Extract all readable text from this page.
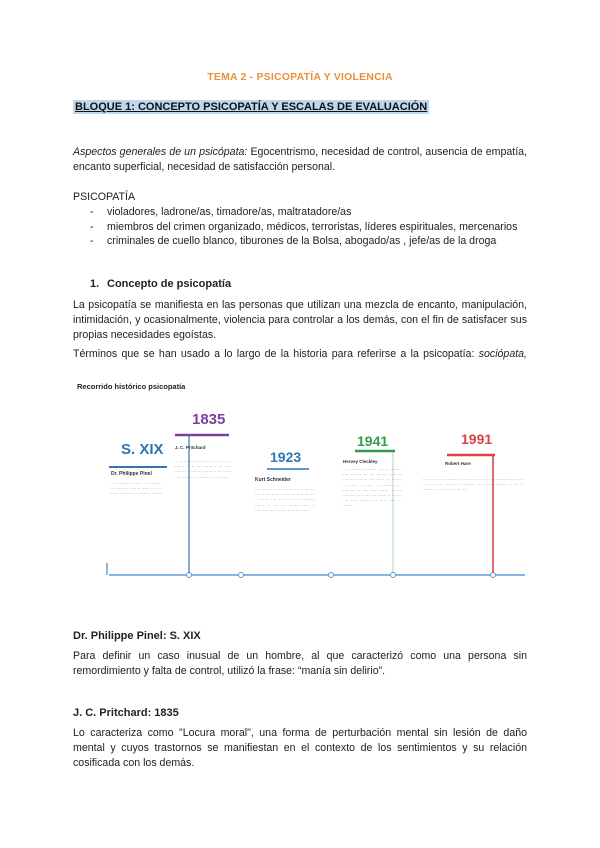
TEMA 2 - PSICOPATÍA Y VIOLENCIA
BLOQUE 1: CONCEPTO PSICOPATÍA Y ESCALAS DE EVALUACIÓN
Aspectos generales de un psicópata: Egocentrismo, necesidad de control, ausencia de empatía, encanto superficial, necesidad de satisfacción personal.
PSICOPATÍA
- violadores, ladrone/as, timadore/as, maltratadore/as
- miembros del crimen organizado, médicos, terroristas, líderes espirituales, mercenarios
- criminales de cuello blanco, tiburones de la Bolsa, abogado/as , jefe/as de la droga
1. Concepto de psicopatía
La psicopatía se manifiesta en las personas que utilizan una mezcla de encanto, manipulación, intimidación, y ocasionalmente, violencia para controlar a los demás, con el fin de satisfacer sus propias necesidades egoístas.
Términos que se han usado a lo largo de la historia para referirse a la psicopatía: sociópata,
Recorrido histórico psicopatía
S. XIX
Dr. Philippe Pinel
····· ······· · ········ ·· ·· ······· · ··· ········· ····· ·· ······ ·· · ···· ······ ········· ·· ·········· ········
1835
J. C. Pritchard
·· ········· ······ ····· ······· ···· · ······· ·· ·· ···· ······ · ··· ····· ········· ·· ········ ······ ·· ··· ······ ···· ····· ·· ·· ·········· ·· ··· ······
1923
Kurt Schneider
···· ········ ·· ··· ········ ··· ·· ········ ···· ·· ···· ······ · ····· ·· ·········· ···· ·· ······· ·· ·· ······ ····· ··· ·· ········ ······· ·· ··· ··· ········ ····· ·· ·········· ····· ······· ·········· ····
1941
Hervey Cleckley
··· ········· ·········· ···· ·· ········ ···· ········ ··· ··· ········ ····· ·· ·········· ······· ···· ······ ··· ······· ·· ······· ·· ····· ·· ········ ···· ········· ·· ···· ····· ······· ··· ··· ········· ······ ···· ··· ······· ·· ······· ···· ····· ······· ··· ····· ····· ·· ········
1991
Robert Hare
······ · ········ ······· ···· ·· ········ ····· ·· ·· ········· ······ ····· ······ ······· ········ ·· ········· ···· ········ ········ ·· ··· ·· ······· ·· ······ · ····· ··· ····
Dr. Philippe Pinel: S. XIX
Para definir un caso inusual de un hombre, al que caracterizó como una persona sin remordimiento y falta de control, utilizó la frase: “manía sin delirio”.
J. C. Pritchard: 1835
Lo caracteriza como "Locura moral", una forma de perturbación mental sin lesión de daño mental y cuyos trastornos se manifiestan en el contexto de los sentimientos y su relación cosificada con los demás.
